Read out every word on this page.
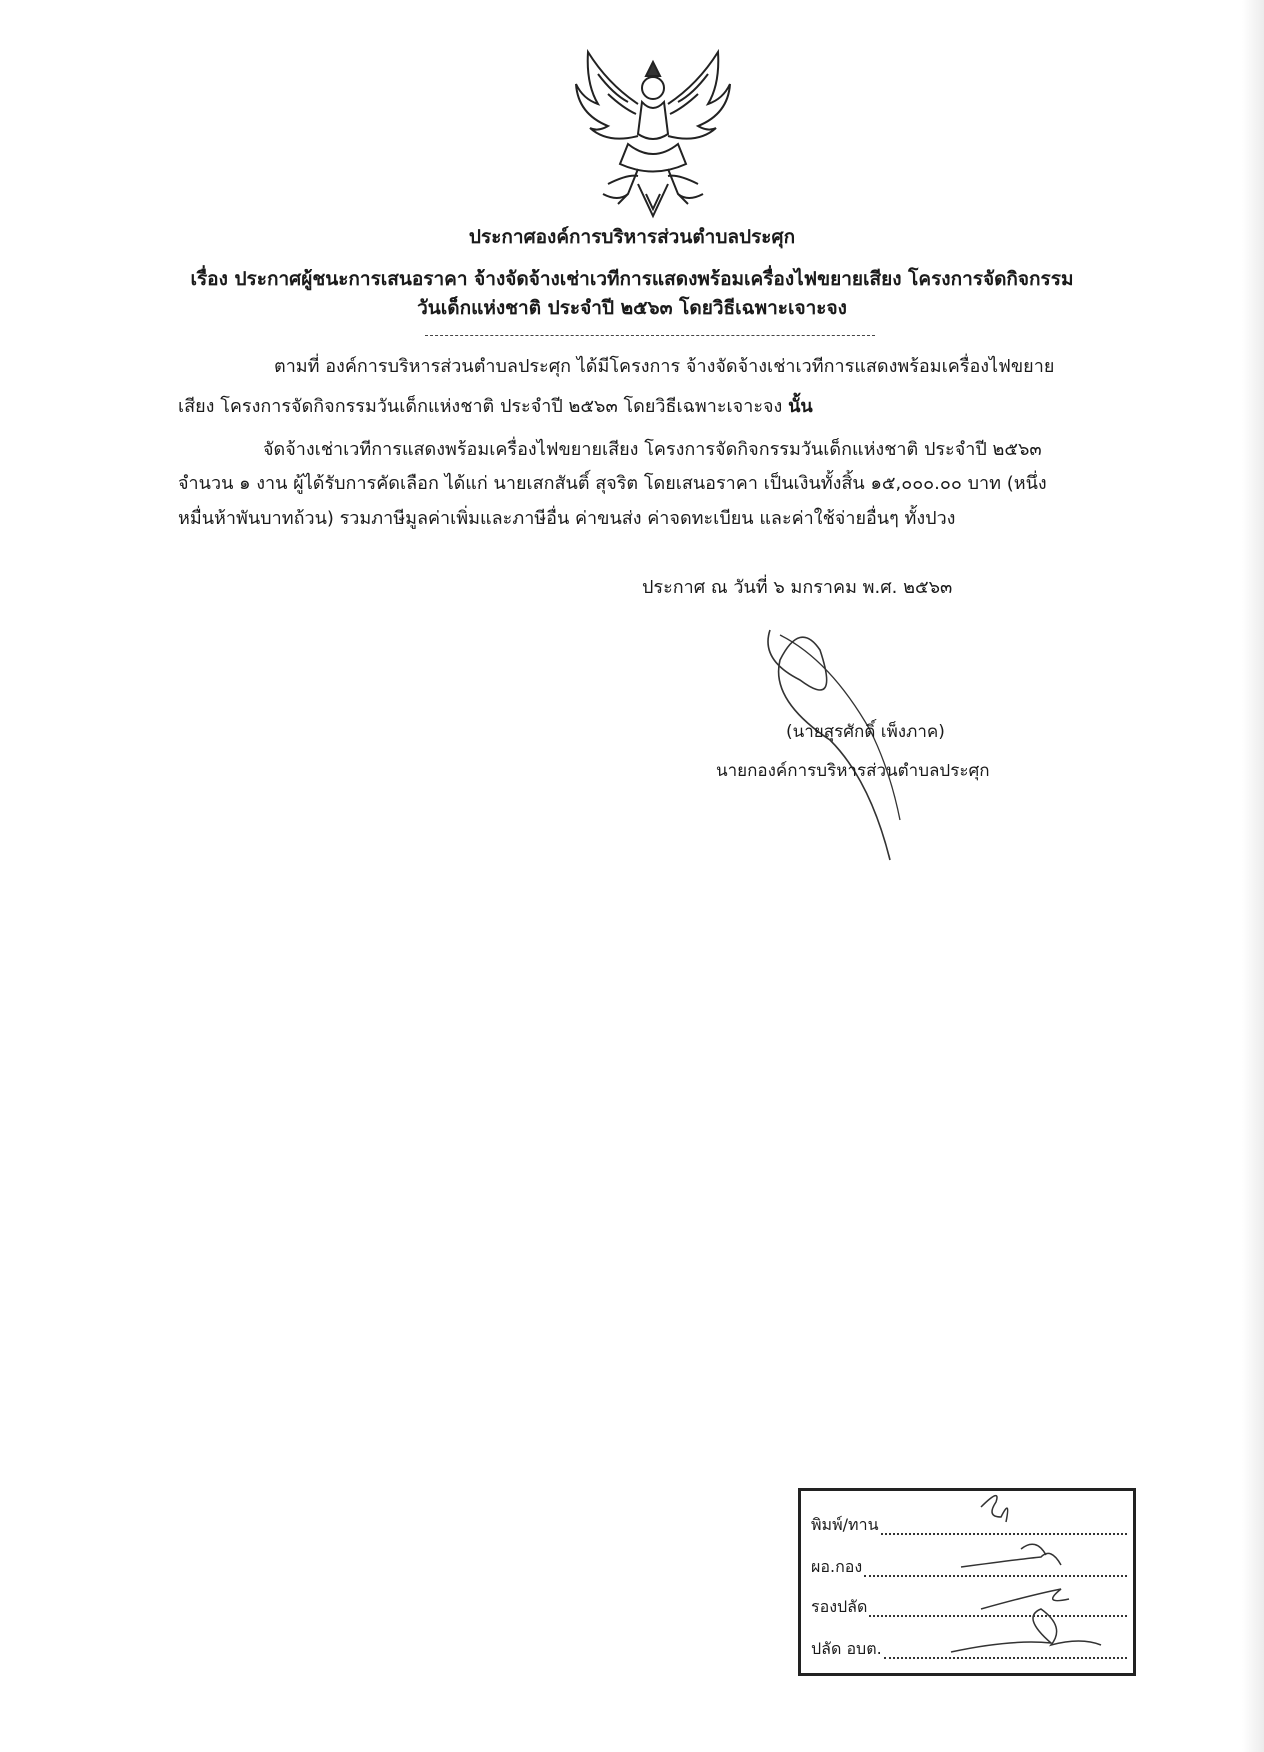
ประกาศองค์การบริหารส่วนตำบลประศุก
เรื่อง ประกาศผู้ชนะการเสนอราคา จ้างจัดจ้างเช่าเวทีการแสดงพร้อมเครื่องไฟขยายเสียง โครงการจัดกิจกรรม
วันเด็กแห่งชาติ ประจำปี ๒๕๖๓ โดยวิธีเฉพาะเจาะจง
ตามที่ องค์การบริหารส่วนตำบลประศุก ได้มีโครงการ จ้างจัดจ้างเช่าเวทีการแสดงพร้อมเครื่องไฟขยาย
เสียง โครงการจัดกิจกรรมวันเด็กแห่งชาติ ประจำปี ๒๕๖๓ โดยวิธีเฉพาะเจาะจง นั้น
จัดจ้างเช่าเวทีการแสดงพร้อมเครื่องไฟขยายเสียง โครงการจัดกิจกรรมวันเด็กแห่งชาติ ประจำปี ๒๕๖๓
จำนวน ๑ งาน ผู้ได้รับการคัดเลือก ได้แก่ นายเสกสันติ์ สุจริต โดยเสนอราคา เป็นเงินทั้งสิ้น ๑๕,๐๐๐.๐๐ บาท (หนึ่ง
หมื่นห้าพันบาทถ้วน) รวมภาษีมูลค่าเพิ่มและภาษีอื่น ค่าขนส่ง ค่าจดทะเบียน และค่าใช้จ่ายอื่นๆ ทั้งปวง
ประกาศ ณ วันที่ ๖ มกราคม พ.ศ. ๒๕๖๓
(นายสุรศักดิ์ เพ็งภาค)
นายกองค์การบริหารส่วนตำบลประศุก
พิมพ์/ทาน
ผอ.กอง
รองปลัด
ปลัด อบต.
